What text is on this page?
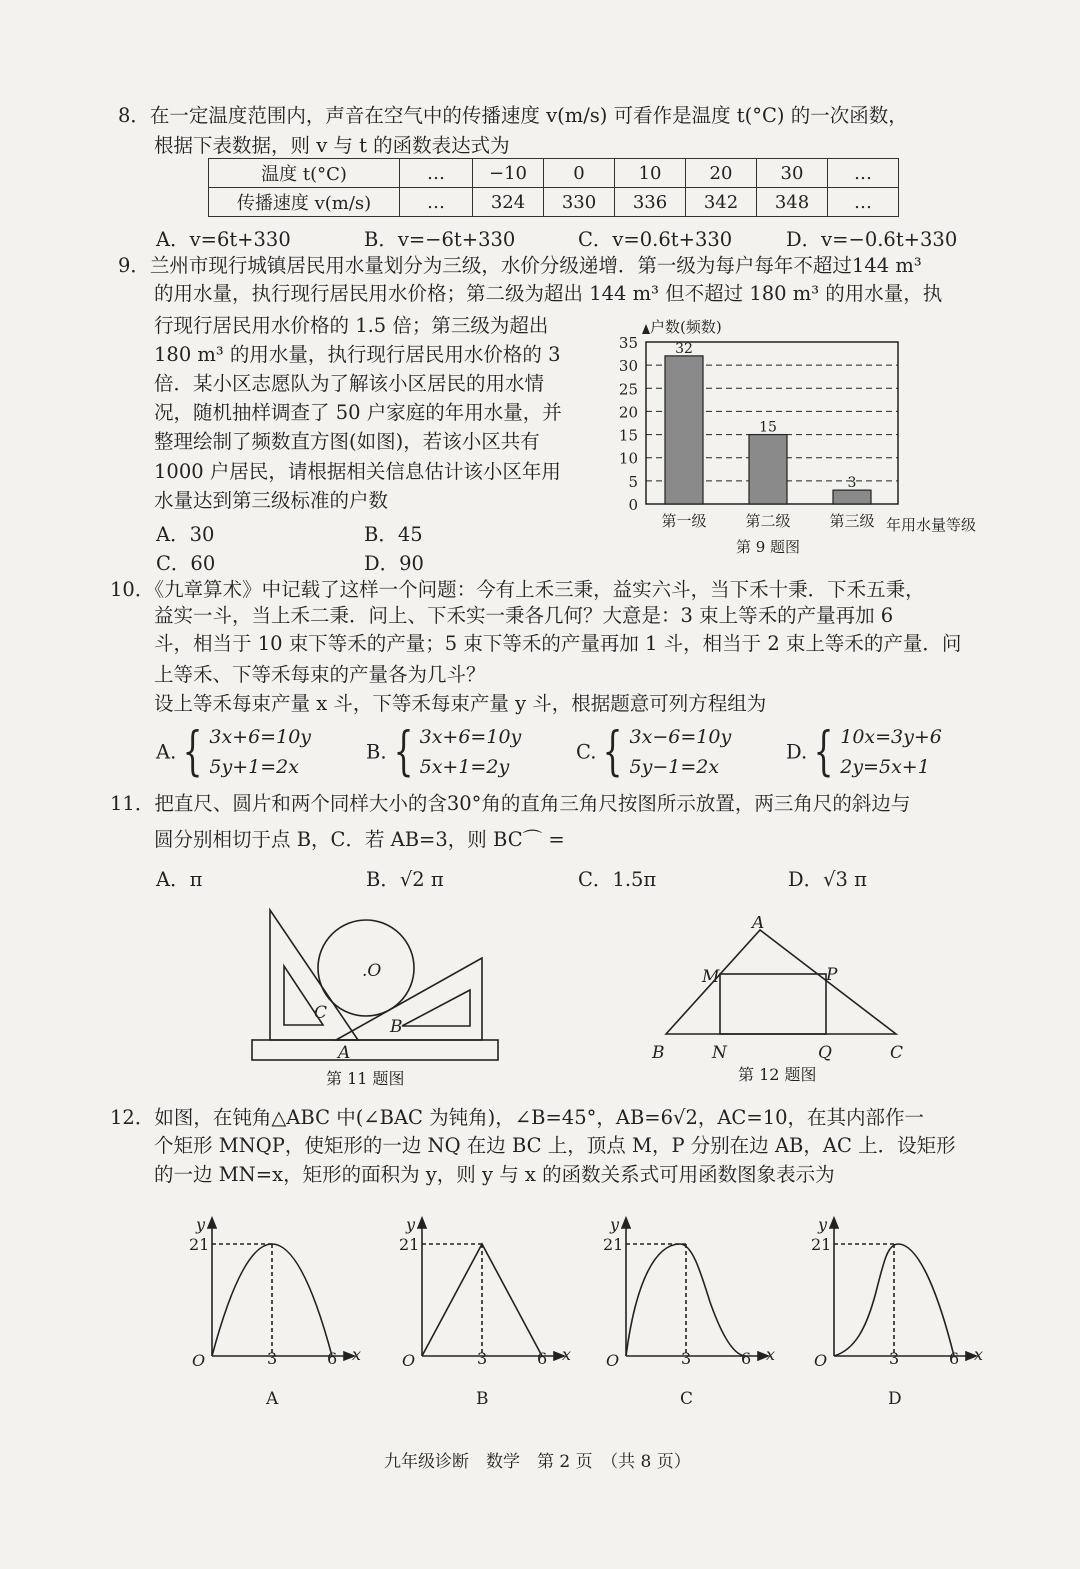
8．在一定温度范围内，声音在空气中的传播速度 v(m/s) 可看作是温度 t(°C) 的一次函数，
根据下表数据，则 v 与 t 的函数表达式为
温度 t(°C)	…	−10	0	10	20	30	…
传播速度 v(m/s)	…	324	330	336	342	348	…
A．v=6t+330	B．v=−6t+330	C．v=0.6t+330	D．v=−0.6t+330
9．兰州市现行城镇居民用水量划分为三级，水价分级递增．第一级为每户每年不超过144 m³
的用水量，执行现行居民用水价格；第二级为超出 144 m³ 但不超过 180 m³ 的用水量，执
行现行居民用水价格的 1.5 倍；第三级为超出
180 m³ 的用水量，执行现行居民用水价格的 3
倍．某小区志愿队为了解该小区居民的用水情
况，随机抽样调查了 50 户家庭的年用水量，并
整理绘制了频数直方图(如图)，若该小区共有
1000 户居民，请根据相关信息估计该小区年用
水量达到第三级标准的户数
A．30	B．45
C．60	D．90
0
5
10
15
20
25
30
35
户数(频数)
32
第一级
15
第二级
3
第三级 年用水量等级
第 9 题图
10．《九章算术》中记载了这样一个问题：今有上禾三秉，益实六斗，当下禾十秉．下禾五秉，
益实一斗，当上禾二秉．问上、下禾实一秉各几何？大意是：3 束上等禾的产量再加 6
斗，相当于 10 束下等禾的产量；5 束下等禾的产量再加 1 斗，相当于 2 束上等禾的产量．问
上等禾、下等禾每束的产量各为几斗？
设上等禾每束产量 x 斗，下等禾每束产量 y 斗，根据题意可列方程组为
A. { 3x+6=10y
5y+1=2x
B. { 3x+6=10y
5x+1=2y
C. { 3x−6=10y
5y−1=2x
D. { 10x=3y+6
2y=5x+1
11．把直尺、圆片和两个同样大小的含30°角的直角三角尺按图所示放置，两三角尺的斜边与
圆分别相切于点 B，C．若 AB=3，则 BC⌒ =
A．π	B．√2 π	C．1.5π	D．√3 π
.O
C
B
A
第 11 题图
A
M	P
B	N	Q	C
第 12 题图
12．如图，在钝角△ABC 中(∠BAC 为钝角)，∠B=45°，AB=6√2，AC=10，在其内部作一
个矩形 MNQP，使矩形的一边 NQ 在边 BC 上，顶点 M，P 分别在边 AB，AC 上．设矩形
的一边 MN=x，矩形的面积为 y，则 y 与 x 的函数关系式可用函数图象表示为
y
x
O
21
3	6
A
y
x
O
21
3	6
B
y
x
O
21
3	6
C
y
x
O
21
3	6
D
九年级诊断　数学　第 2 页　（共 8 页）
